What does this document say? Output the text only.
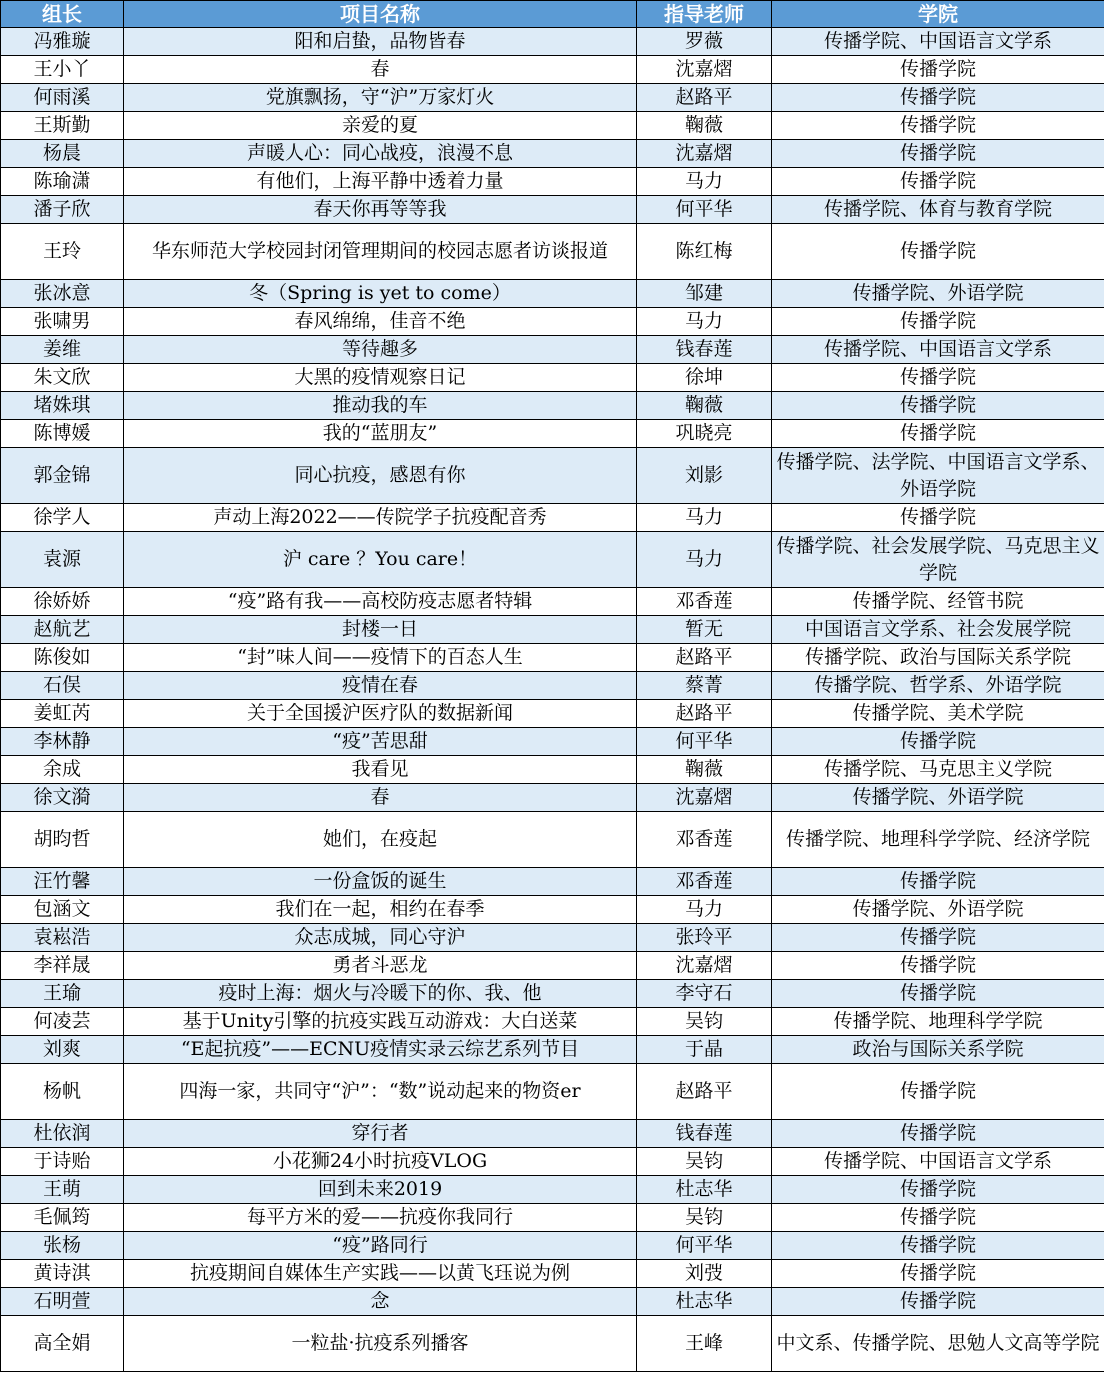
组长	项目名称	指导老师	学院
冯雅璇	阳和启蛰，品物皆春	罗薇	传播学院、中国语言文学系
王小丫	春	沈嘉熠	传播学院
何雨溪	党旗飘扬，守“沪”万家灯火	赵路平	传播学院
王斯勤	亲爱的夏	鞠薇	传播学院
杨晨	声暖人心：同心战疫，浪漫不息	沈嘉熠	传播学院
陈瑜潇	有他们，上海平静中透着力量	马力	传播学院
潘子欣	春天你再等等我	何平华	传播学院、体育与教育学院
王玲	华东师范大学校园封闭管理期间的校园志愿者访谈报道	陈红梅	传播学院
张冰意	冬（Spring is yet to come）	邹建	传播学院、外语学院
张啸男	春风绵绵，佳音不绝	马力	传播学院
姜维	等待趣多	钱春莲	传播学院、中国语言文学系
朱文欣	大黑的疫情观察日记	徐坤	传播学院
堵姝琪	推动我的车	鞠薇	传播学院
陈博媛	我的“蓝朋友”	巩晓亮	传播学院
郭金锦	同心抗疫，感恩有你	刘影	传播学院、法学院、中国语言文学系、外语学院
徐学人	声动上海2022——传院学子抗疫配音秀	马力	传播学院
袁源	沪 care ？You care！	马力	传播学院、社会发展学院、马克思主义学院
徐娇娇	“疫”路有我——高校防疫志愿者特辑	邓香莲	传播学院、经管书院
赵航艺	封楼一日	暂无	中国语言文学系、社会发展学院
陈俊如	“封”味人间——疫情下的百态人生	赵路平	传播学院、政治与国际关系学院
石俣	疫情在春	蔡菁	传播学院、哲学系、外语学院
姜虹芮	关于全国援沪医疗队的数据新闻	赵路平	传播学院、美术学院
李林静	“疫”苦思甜	何平华	传播学院
余成	我看见	鞠薇	传播学院、马克思主义学院
徐文漪	春	沈嘉熠	传播学院、外语学院
胡昀哲	她们，在疫起	邓香莲	传播学院、地理科学学院、经济学院
汪竹馨	一份盒饭的诞生	邓香莲	传播学院
包涵文	我们在一起，相约在春季	马力	传播学院、外语学院
袁崧浩	众志成城，同心守沪	张玲平	传播学院
李祥晟	勇者斗恶龙	沈嘉熠	传播学院
王瑜	疫时上海：烟火与冷暖下的你、我、他	李守石	传播学院
何凌芸	基于Unity引擎的抗疫实践互动游戏：大白送菜	吴钧	传播学院、地理科学学院
刘爽	“E起抗疫”——ECNU疫情实录云综艺系列节目	于晶	政治与国际关系学院
杨帆	四海一家，共同守“沪”：“数”说动起来的物资er	赵路平	传播学院
杜依润	穿行者	钱春莲	传播学院
于诗贻	小花狮24小时抗疫VLOG	吴钧	传播学院、中国语言文学系
王萌	回到未来2019	杜志华	传播学院
毛佩筠	每平方米的爱——抗疫你我同行	吴钧	传播学院
张杨	“疫”路同行	何平华	传播学院
黄诗淇	抗疫期间自媒体生产实践——以黄飞珏说为例	刘弢	传播学院
石明萱	念	杜志华	传播学院
高全娟	一粒盐·抗疫系列播客	王峰	中文系、传播学院、思勉人文高等学院
